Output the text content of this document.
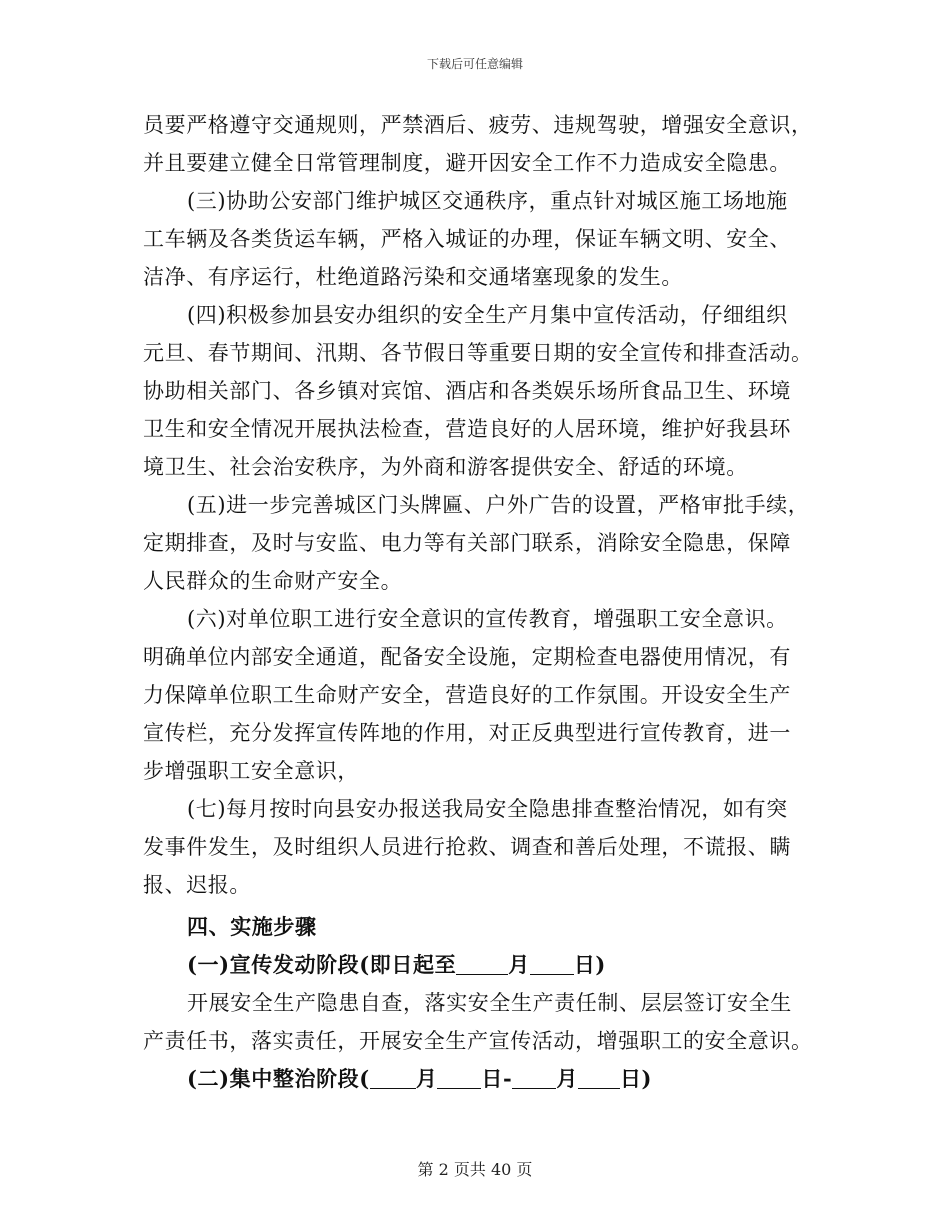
下载后可任意编辑

员要严格遵守交通规则，严禁酒后、疲劳、违规驾驶，增强安全意识，

并且要建立健全日常管理制度，避开因安全工作不力造成安全隐患。

(三)协助公安部门维护城区交通秩序，重点针对城区施工场地施

工车辆及各类货运车辆，严格入城证的办理，保证车辆文明、安全、

洁净、有序运行，杜绝道路污染和交通堵塞现象的发生。

(四)积极参加县安办组织的安全生产月集中宣传活动，仔细组织

元旦、春节期间、汛期、各节假日等重要日期的安全宣传和排查活动。

协助相关部门、各乡镇对宾馆、酒店和各类娱乐场所食品卫生、环境

卫生和安全情况开展执法检查，营造良好的人居环境，维护好我县环

境卫生、社会治安秩序，为外商和游客提供安全、舒适的环境。

(五)进一步完善城区门头牌匾、户外广告的设置，严格审批手续，

定期排查，及时与安监、电力等有关部门联系，消除安全隐患，保障

人民群众的生命财产安全。

(六)对单位职工进行安全意识的宣传教育，增强职工安全意识。

明确单位内部安全通道，配备安全设施，定期检查电器使用情况，有

力保障单位职工生命财产安全，营造良好的工作氛围。开设安全生产

宣传栏，充分发挥宣传阵地的作用，对正反典型进行宣传教育，进一

步增强职工安全意识，

(七)每月按时向县安办报送我局安全隐患排查整治情况，如有突

发事件发生，及时组织人员进行抢救、调查和善后处理，不谎报、瞒

报、迟报。

四、实施步骤

(一)宣传发动阶段(即日起至 月 日)

开展安全生产隐患自查，落实安全生产责任制、层层签订安全生

产责任书，落实责任，开展安全生产宣传活动，增强职工的安全意识。

(二)集中整治阶段( 月 日- 月 日)

第 2 页共 40 页
